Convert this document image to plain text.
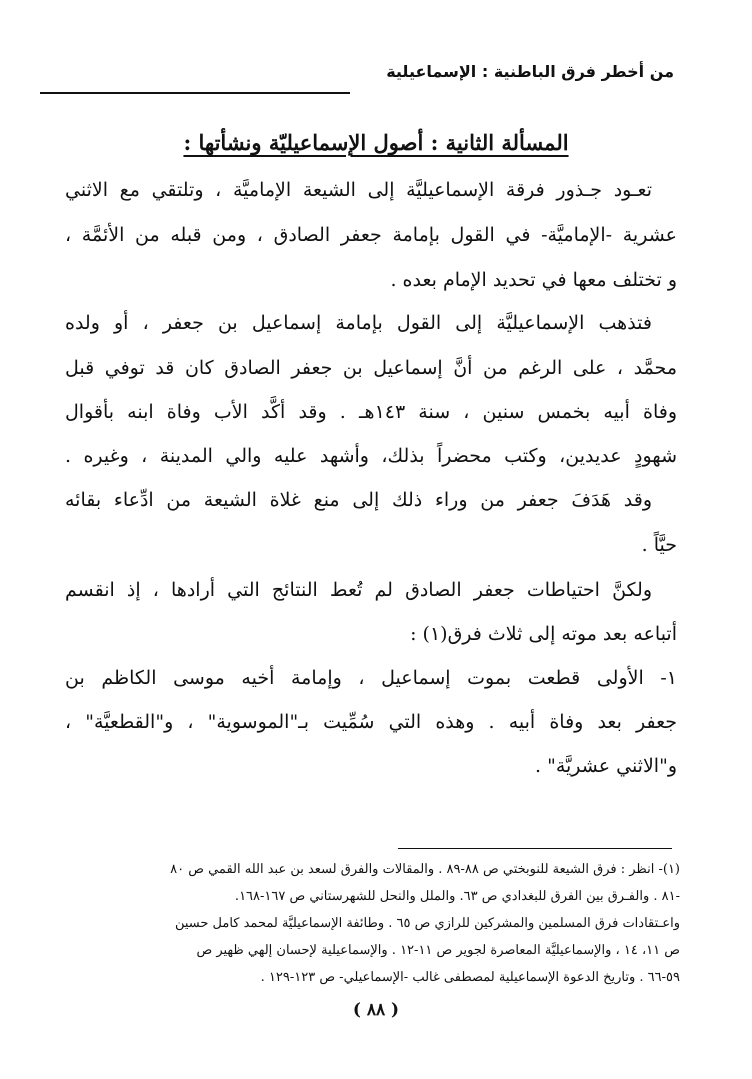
من أخطر فرق الباطنية : الإسماعيلية
المسألة الثانية : أصول الإسماعيليّة ونشأتها :
تعـود جـذور فرقة الإسماعيليَّة إلى الشيعة الإماميَّة ، وتلتقي مع الاثني
عشرية -الإماميَّة- في القول بإمامة جعفر الصادق ، ومن قبله من الأئمَّة ،
و تختلف معها في تحديد الإمام بعده .
فتذهب الإسماعيليَّة إلى القول بإمامة إسماعيل بن جعفر ، أو ولده
محمَّد ، على الرغم من أنَّ إسماعيل بن جعفر الصادق كان قد توفي قبل
وفاة أبيه بخمس سنين ، سنة ١٤٣هـ . وقد أكَّد الأب وفاة ابنه بأقوال
شهودٍ عديدين، وكتب محضراً بذلك، وأشهد عليه والي المدينة ، وغيره .
وقد هَدَفَ جعفر من وراء ذلك إلى منع غلاة الشيعة من ادِّعاء بقائه
حيَّاً .
ولكنَّ احتياطات جعفر الصادق لم تُعط النتائج التي أرادها ، إذ انقسم
أتباعه بعد موته إلى ثلاث فرق(١) :
١- الأولى قطعت بموت إسماعيل ، وإمامة أخيه موسى الكاظم بن
جعفر بعد وفاة أبيه . وهذه التي سُمِّيت بـ"الموسوية" ، و"القطعيَّة" ،
و"الاثني عشريَّة" .
(١)- انظر : فرق الشيعة للنوبختي ص ٨٨-٨٩ . والمقالات والفرق لسعد بن عبد الله القمي ص ٨٠
-٨١ . والفـرق بين الفرق للبغدادي ص ٦٣. والملل والنحل للشهرستاني ص ١٦٧-١٦٨.
واعـتقادات فرق المسلمين والمشركين للرازي ص ٦٥ . وطائفة الإسماعيليَّة لمحمد كامل حسين
ص ١١، ١٤ ، والإسماعيليَّة المعاصرة لجوير ص ١١-١٢ . والإسماعيلية لإحسان إلهي ظهير ص
٥٩-٦٦ . وتاريخ الدعوة الإسماعيلية لمصطفى غالب -الإسماعيلي- ص ١٢٣-١٢٩ .
( ٨٨ )
